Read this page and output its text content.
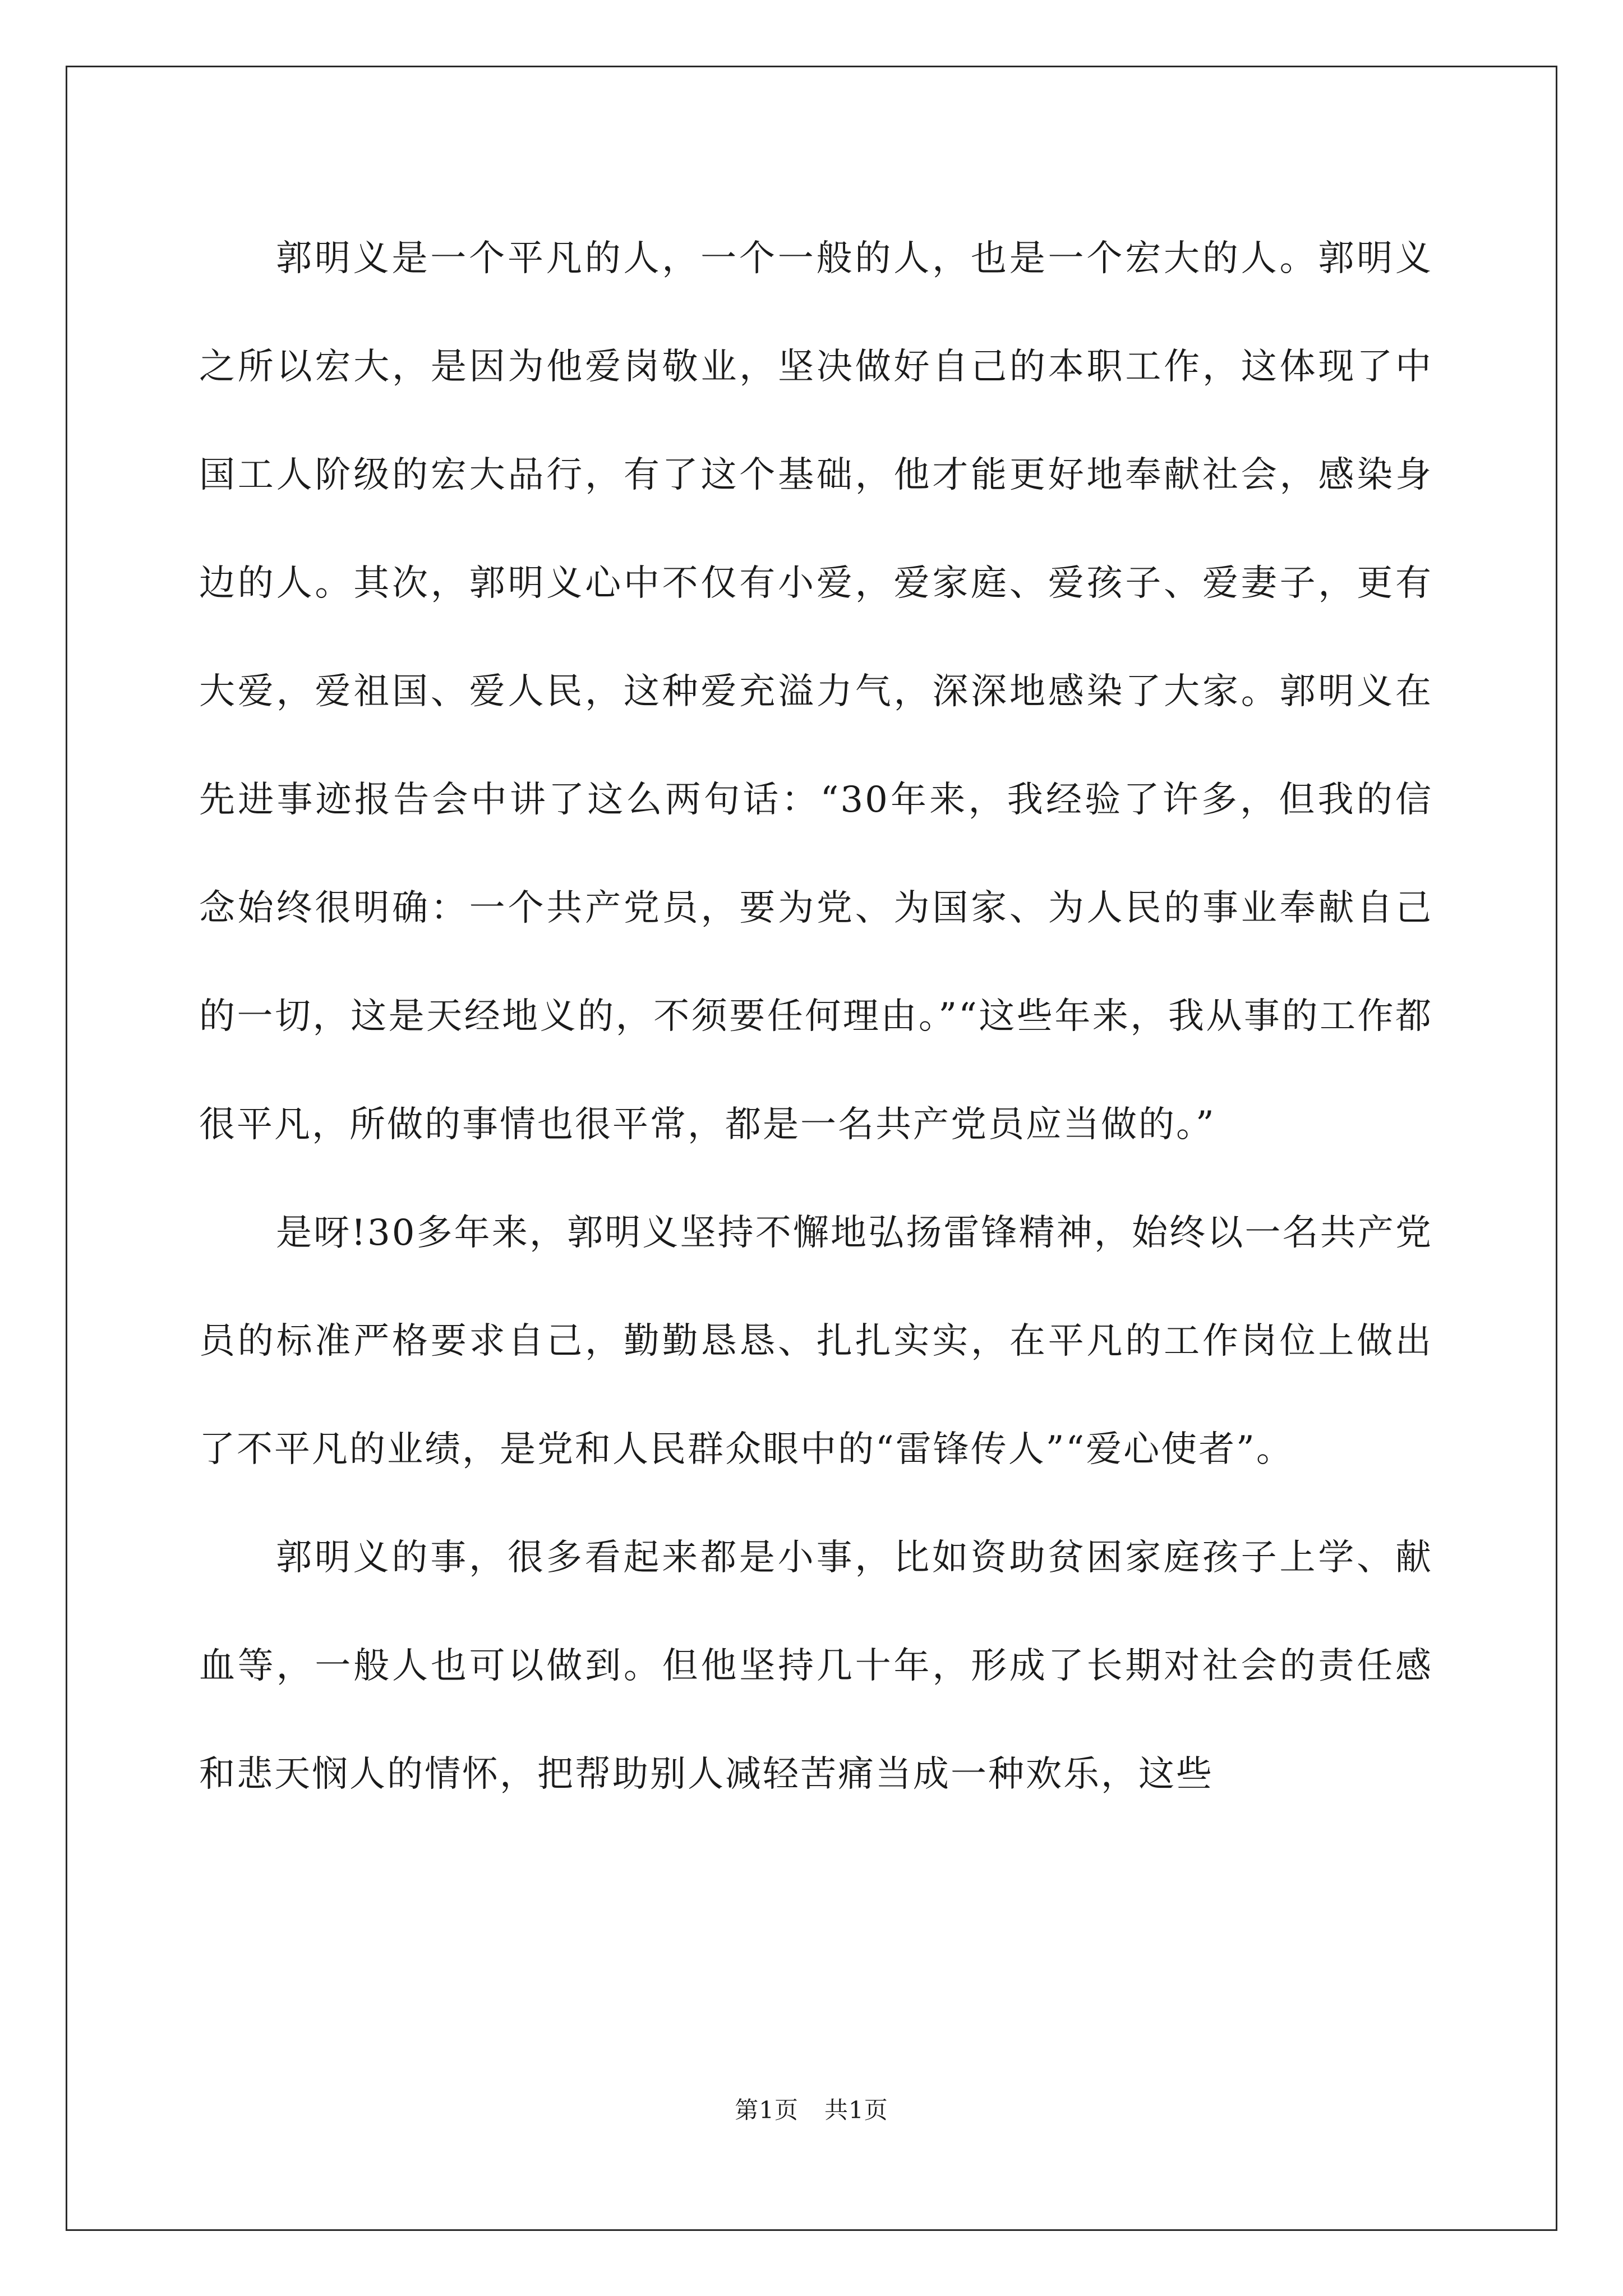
郭明义是一个平凡的人，一个一般的人，也是一个宏大的人。郭明义之所以宏大，是因为他爱岗敬业，坚决做好自己的本职工作，这体现了中国工人阶级的宏大品行，有了这个基础，他才能更好地奉献社会，感染身边的人。其次，郭明义心中不仅有小爱，爱家庭、爱孩子、爱妻子，更有大爱，爱祖国、爱人民，这种爱充溢力气，深深地感染了大家。郭明义在先进事迹报告会中讲了这么两句话：“30年来，我经验了许多，但我的信念始终很明确：一个共产党员，要为党、为国家、为人民的事业奉献自己的一切，这是天经地义的，不须要任何理由。”“这些年来，我从事的工作都很平凡，所做的事情也很平常，都是一名共产党员应当做的。”

是呀!30多年来，郭明义坚持不懈地弘扬雷锋精神，始终以一名共产党员的标准严格要求自己，勤勤恳恳、扎扎实实，在平凡的工作岗位上做出了不平凡的业绩，是党和人民群众眼中的“雷锋传人”“爱心使者”。

郭明义的事，很多看起来都是小事，比如资助贫困家庭孩子上学、献血等，一般人也可以做到。但他坚持几十年，形成了长期对社会的责任感和悲天悯人的情怀，把帮助别人减轻苦痛当成一种欢乐，这些

第1页 共1页
